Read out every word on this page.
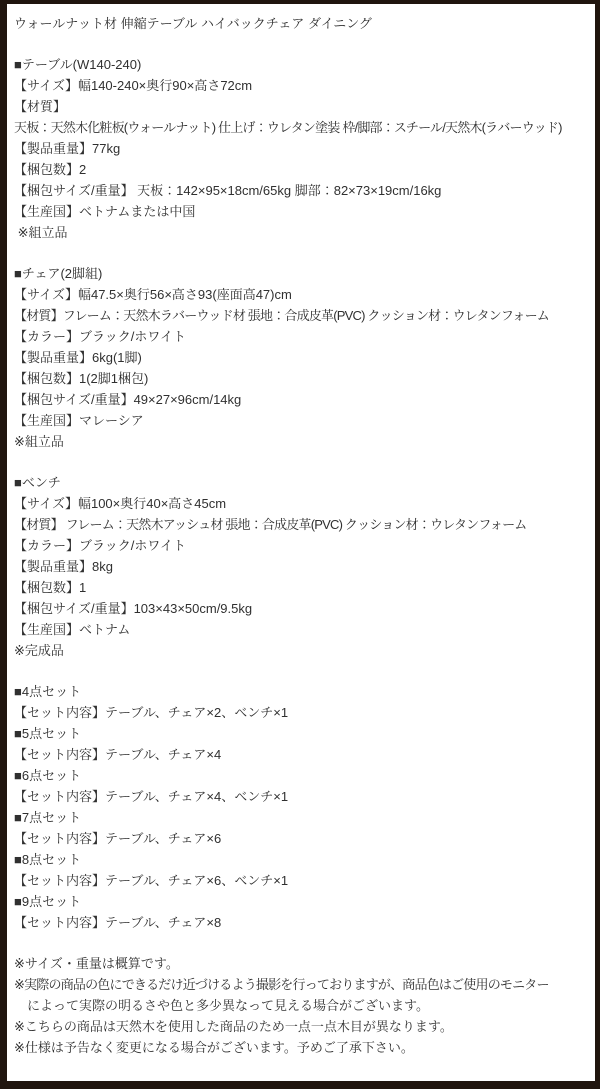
ウォールナット材 伸縮テーブル ハイバックチェア ダイニング
■テーブル(W140-240)
【サイズ】幅140-240×奥行90×高さ72cm
【材質】
天板：天然木化粧板(ウォールナット) 仕上げ：ウレタン塗装 枠/脚部：スチール/天然木(ラバーウッド)
【製品重量】77kg
【梱包数】2
【梱包サイズ/重量】 天板：142×95×18cm/65kg 脚部：82×73×19cm/16kg
【生産国】ベトナムまたは中国
※組立品
■チェア(2脚組)
【サイズ】幅47.5×奥行56×高さ93(座面高47)cm
【材質】フレーム：天然木ラバーウッド材 張地：合成皮革(PVC) クッション材：ウレタンフォーム
【カラー】ブラック/ホワイト
【製品重量】6kg(1脚)
【梱包数】1(2脚1梱包)
【梱包サイズ/重量】49×27×96cm/14kg
【生産国】マレーシア
※組立品
■ベンチ
【サイズ】幅100×奥行40×高さ45cm
【材質】 フレーム：天然木アッシュ材 張地：合成皮革(PVC) クッション材：ウレタンフォーム
【カラー】ブラック/ホワイト
【製品重量】8kg
【梱包数】1
【梱包サイズ/重量】103×43×50cm/9.5kg
【生産国】ベトナム
※完成品
■4点セット
【セット内容】テーブル、チェア×2、ベンチ×1
■5点セット
【セット内容】テーブル、チェア×4
■6点セット
【セット内容】テーブル、チェア×4、ベンチ×1
■7点セット
【セット内容】テーブル、チェア×6
■8点セット
【セット内容】テーブル、チェア×6、ベンチ×1
■9点セット
【セット内容】テーブル、チェア×8
※サイズ・重量は概算です。
※実際の商品の色にできるだけ近づけるよう撮影を行っておりますが、商品色はご使用のモニター
　によって実際の明るさや色と多少異なって見える場合がございます。
※こちらの商品は天然木を使用した商品のため一点一点木目が異なります。
※仕様は予告なく変更になる場合がございます。予めご了承下さい。
